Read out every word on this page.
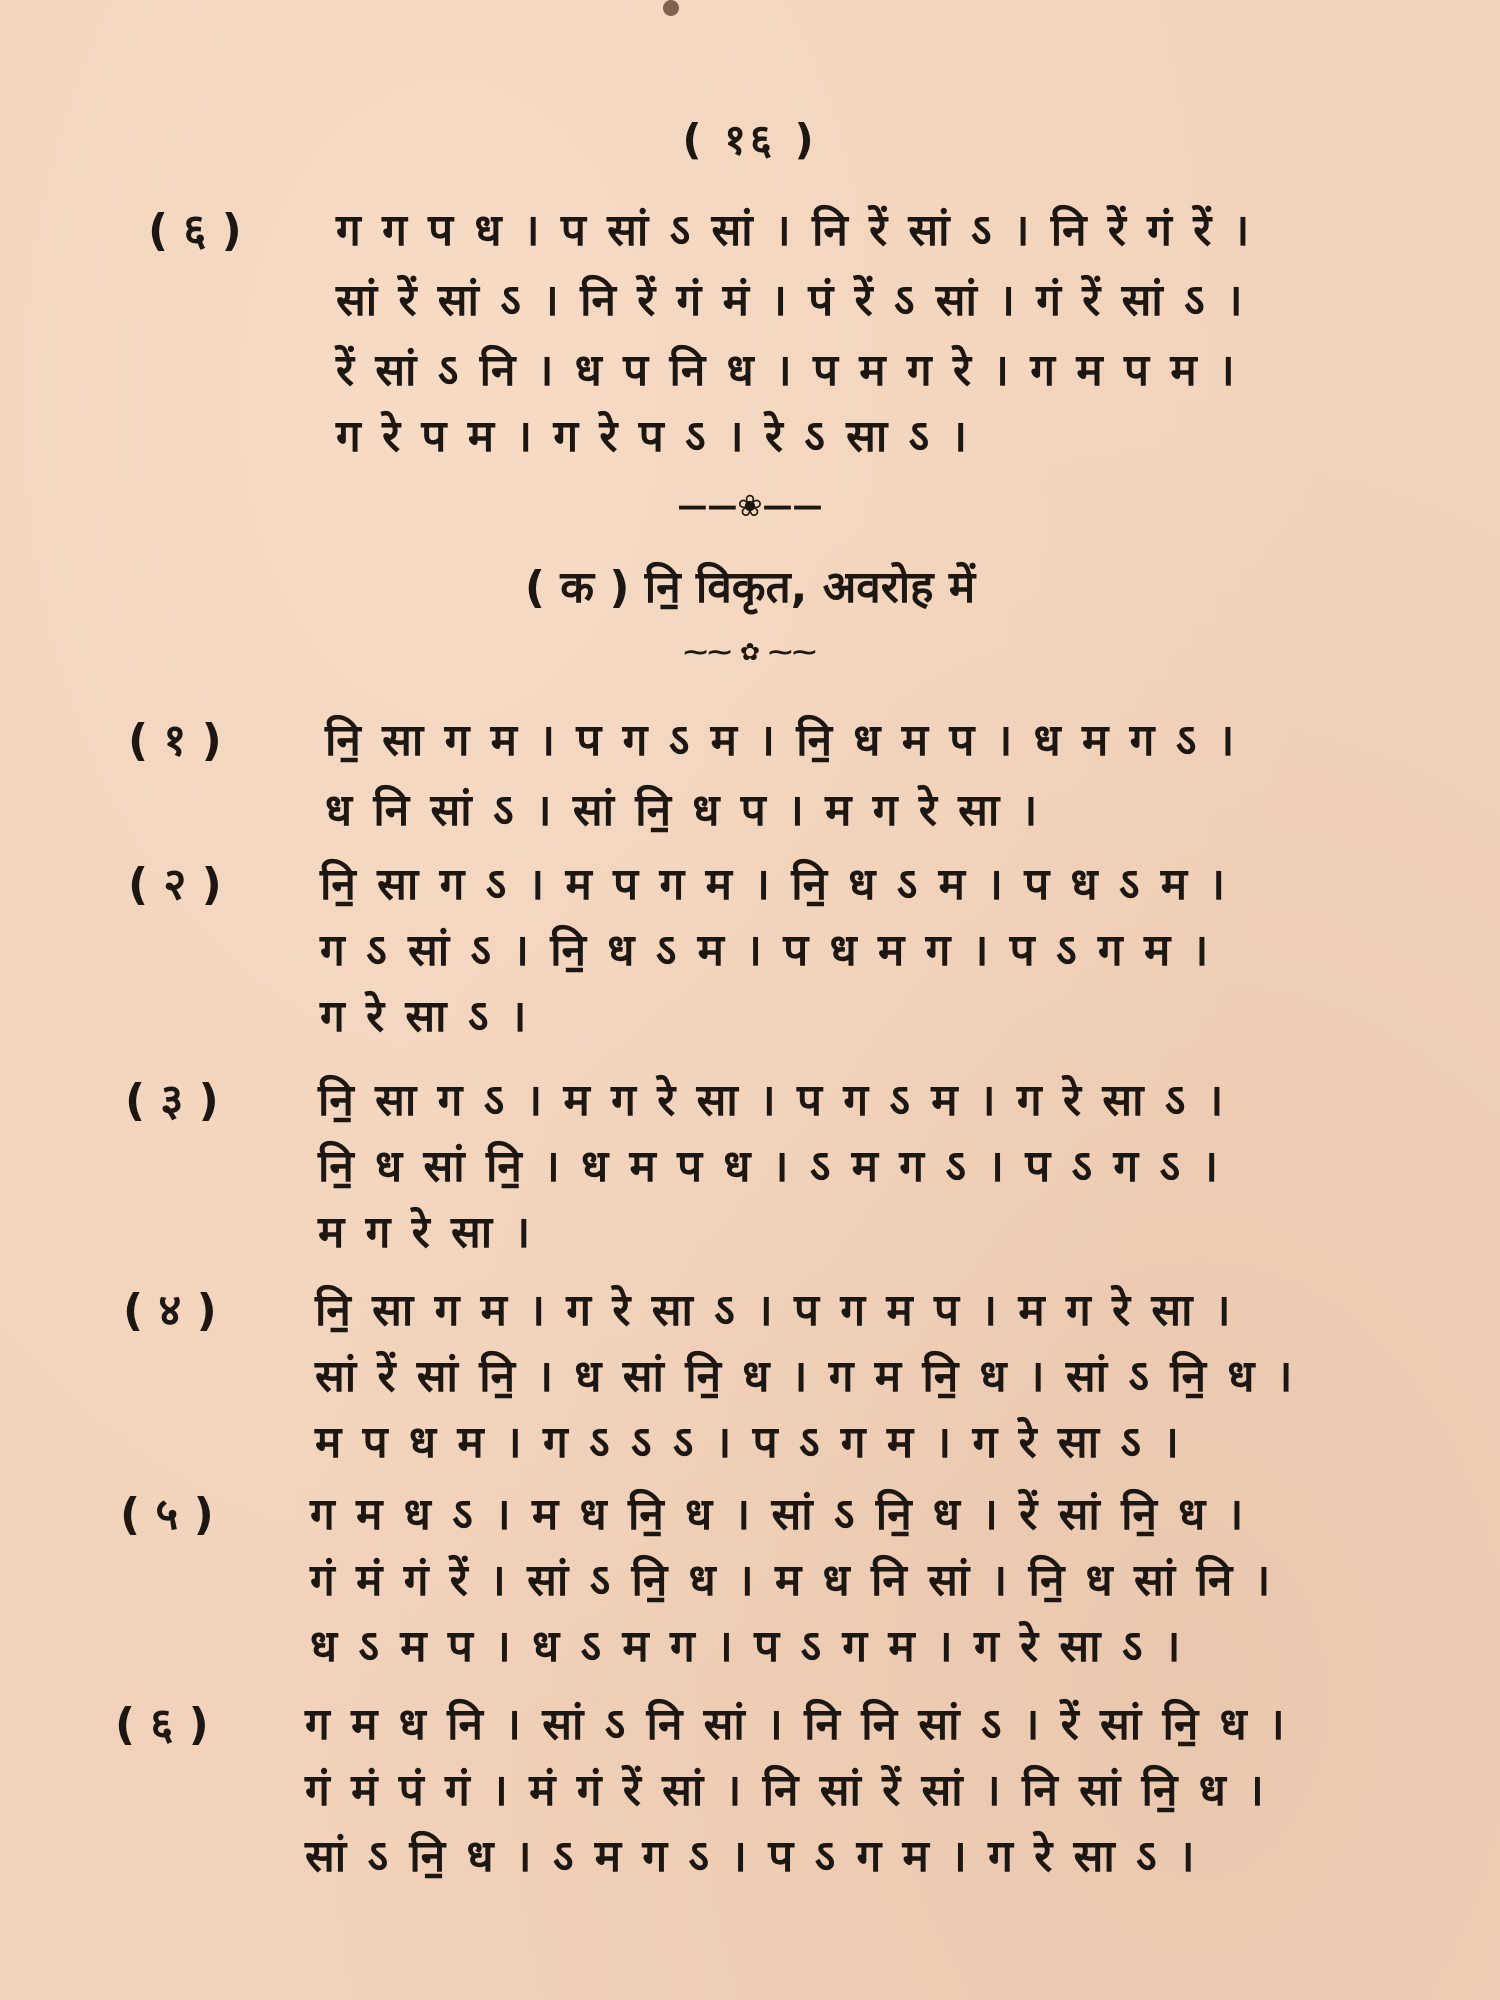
( १६ )
( ६ ) ग ग प ध । प सां ऽ सां । नि रें सां ऽ । नि रें गं रें ।
सां रें सां ऽ । नि रें गं मं । पं रें ऽ सां । गं रें सां ऽ ।
रें सां ऽ नि । ध प नि ध । प म ग रे । ग म प म ।
ग रे प म । ग रे प ऽ । रे ऽ सा ऽ ।
——❀——
( क ) नि॒ विकृत, अवरोह में
⁓⁓ ✿ ⁓⁓
( १ ) नि॒ सा ग म । प ग ऽ म । नि॒ ध म प । ध म ग ऽ ।
ध नि सां ऽ । सां नि॒ ध प । म ग रे सा ।
( २ ) नि॒ सा ग ऽ । म प ग म । नि॒ ध ऽ म । प ध ऽ म ।
ग ऽ सां ऽ । नि॒ ध ऽ म । प ध म ग । प ऽ ग म ।
ग रे सा ऽ ।
( ३ ) नि॒ सा ग ऽ । म ग रे सा । प ग ऽ म । ग रे सा ऽ ।
नि॒ ध सां नि॒ । ध म प ध । ऽ म ग ऽ । प ऽ ग ऽ ।
म ग रे सा ।
( ४ ) नि॒ सा ग म । ग रे सा ऽ । प ग म प । म ग रे सा ।
सां रें सां नि॒ । ध सां नि॒ ध । ग म नि॒ ध । सां ऽ नि॒ ध ।
म प ध म । ग ऽ ऽ ऽ । प ऽ ग म । ग रे सा ऽ ।
( ५ ) ग म ध ऽ । म ध नि॒ ध । सां ऽ नि॒ ध । रें सां नि॒ ध ।
गं मं गं रें । सां ऽ नि॒ ध । म ध नि सां । नि॒ ध सां नि ।
ध ऽ म प । ध ऽ म ग । प ऽ ग म । ग रे सा ऽ ।
( ६ ) ग म ध नि । सां ऽ नि सां । नि नि सां ऽ । रें सां नि॒ ध ।
गं मं पं गं । मं गं रें सां । नि सां रें सां । नि सां नि॒ ध ।
सां ऽ नि॒ ध । ऽ म ग ऽ । प ऽ ग म । ग रे सा ऽ ।
